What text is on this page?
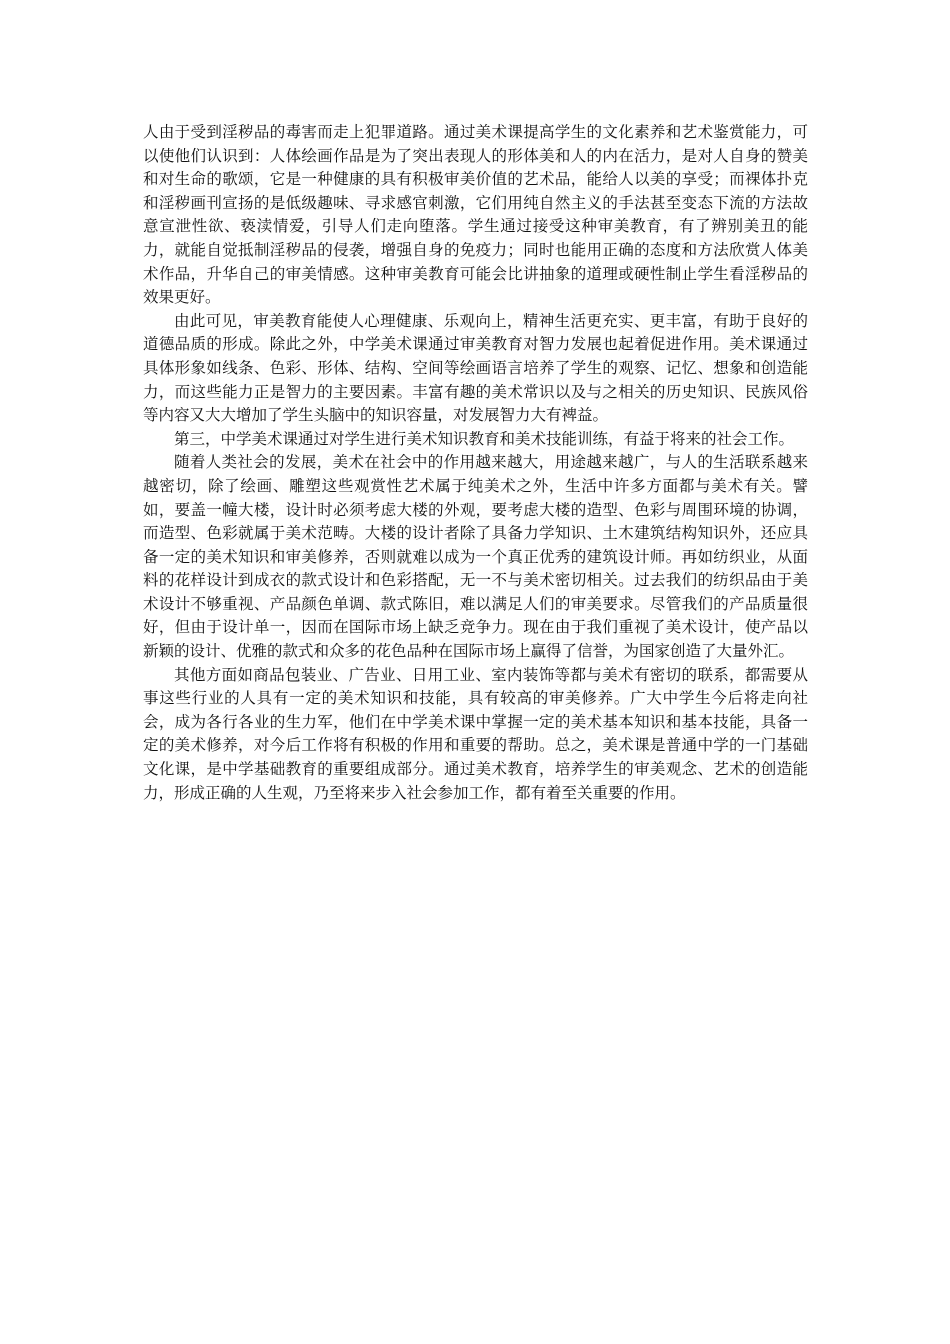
人由于受到淫秽品的毒害而走上犯罪道路。通过美术课提高学生的文化素养和艺术鉴赏能力，可以使他们认识到：人体绘画作品是为了突出表现人的形体美和人的内在活力，是对人自身的赞美和对生命的歌颂，它是一种健康的具有积极审美价值的艺术品，能给人以美的享受；而裸体扑克和淫秽画刊宣扬的是低级趣味、寻求感官刺激，它们用纯自然主义的手法甚至变态下流的方法故意宣泄性欲、亵渎情爱，引导人们走向堕落。学生通过接受这种审美教育，有了辨别美丑的能力，就能自觉抵制淫秽品的侵袭，增强自身的免疫力；同时也能用正确的态度和方法欣赏人体美术作品，升华自己的审美情感。这种审美教育可能会比讲抽象的道理或硬性制止学生看淫秽品的效果更好。

由此可见，审美教育能使人心理健康、乐观向上，精神生活更充实、更丰富，有助于良好的道德品质的形成。除此之外，中学美术课通过审美教育对智力发展也起着促进作用。美术课通过具体形象如线条、色彩、形体、结构、空间等绘画语言培养了学生的观察、记忆、想象和创造能力，而这些能力正是智力的主要因素。丰富有趣的美术常识以及与之相关的历史知识、民族风俗等内容又大大增加了学生头脑中的知识容量，对发展智力大有裨益。

第三，中学美术课通过对学生进行美术知识教育和美术技能训练，有益于将来的社会工作。

随着人类社会的发展，美术在社会中的作用越来越大，用途越来越广，与人的生活联系越来越密切，除了绘画、雕塑这些观赏性艺术属于纯美术之外，生活中许多方面都与美术有关。譬如，要盖一幢大楼，设计时必须考虑大楼的外观，要考虑大楼的造型、色彩与周围环境的协调，而造型、色彩就属于美术范畴。大楼的设计者除了具备力学知识、土木建筑结构知识外，还应具备一定的美术知识和审美修养，否则就难以成为一个真正优秀的建筑设计师。再如纺织业，从面料的花样设计到成衣的款式设计和色彩搭配，无一不与美术密切相关。过去我们的纺织品由于美术设计不够重视、产品颜色单调、款式陈旧，难以满足人们的审美要求。尽管我们的产品质量很好，但由于设计单一，因而在国际市场上缺乏竞争力。现在由于我们重视了美术设计，使产品以新颖的设计、优雅的款式和众多的花色品种在国际市场上赢得了信誉，为国家创造了大量外汇。

其他方面如商品包装业、广告业、日用工业、室内装饰等都与美术有密切的联系，都需要从事这些行业的人具有一定的美术知识和技能，具有较高的审美修养。广大中学生今后将走向社会，成为各行各业的生力军，他们在中学美术课中掌握一定的美术基本知识和基本技能，具备一定的美术修养，对今后工作将有积极的作用和重要的帮助。总之，美术课是普通中学的一门基础文化课，是中学基础教育的重要组成部分。通过美术教育，培养学生的审美观念、艺术的创造能力，形成正确的人生观，乃至将来步入社会参加工作，都有着至关重要的作用。
